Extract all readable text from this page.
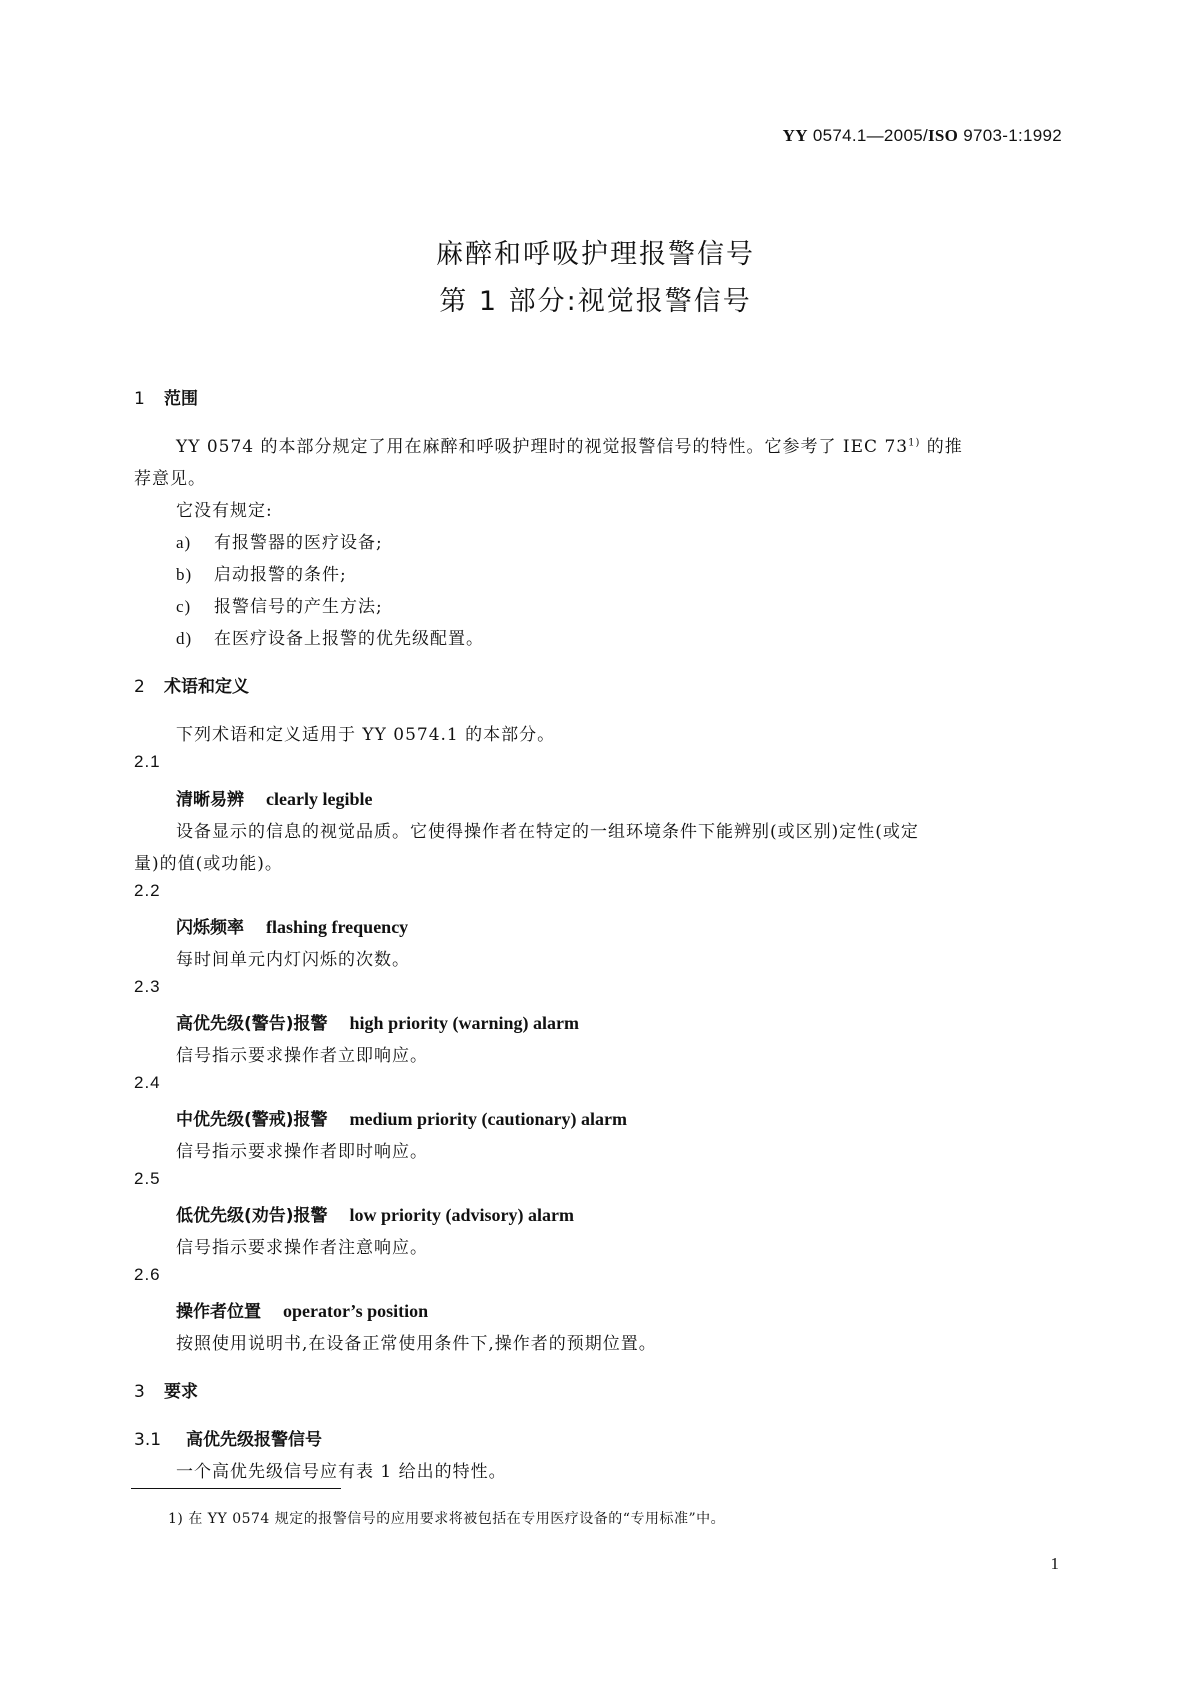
YY 0574.1—2005/ISO 9703-1:1992
麻醉和呼吸护理报警信号
第 1 部分:视觉报警信号
1 范围
YY 0574 的本部分规定了用在麻醉和呼吸护理时的视觉报警信号的特性。它参考了 IEC 73$^{1)}$ 的推
荐意见。
它没有规定:
a) 有报警器的医疗设备;
b) 启动报警的条件;
c) 报警信号的产生方法;
d) 在医疗设备上报警的优先级配置。
2 术语和定义
下列术语和定义适用于 YY 0574.1 的本部分。
2.1
清晰易辨 clearly legible
设备显示的信息的视觉品质。它使得操作者在特定的一组环境条件下能辨别(或区别)定性(或定
量)的值(或功能)。
2.2
闪烁频率 flashing frequency
每时间单元内灯闪烁的次数。
2.3
高优先级(警告)报警 high priority (warning) alarm
信号指示要求操作者立即响应。
2.4
中优先级(警戒)报警 medium priority (cautionary) alarm
信号指示要求操作者即时响应。
2.5
低优先级(劝告)报警 low priority (advisory) alarm
信号指示要求操作者注意响应。
2.6
操作者位置 operator’s position
按照使用说明书,在设备正常使用条件下,操作者的预期位置。
3 要求
3.1 高优先级报警信号
一个高优先级信号应有表 1 给出的特性。
1) 在 YY 0574 规定的报警信号的应用要求将被包括在专用医疗设备的“专用标准”中。
1
